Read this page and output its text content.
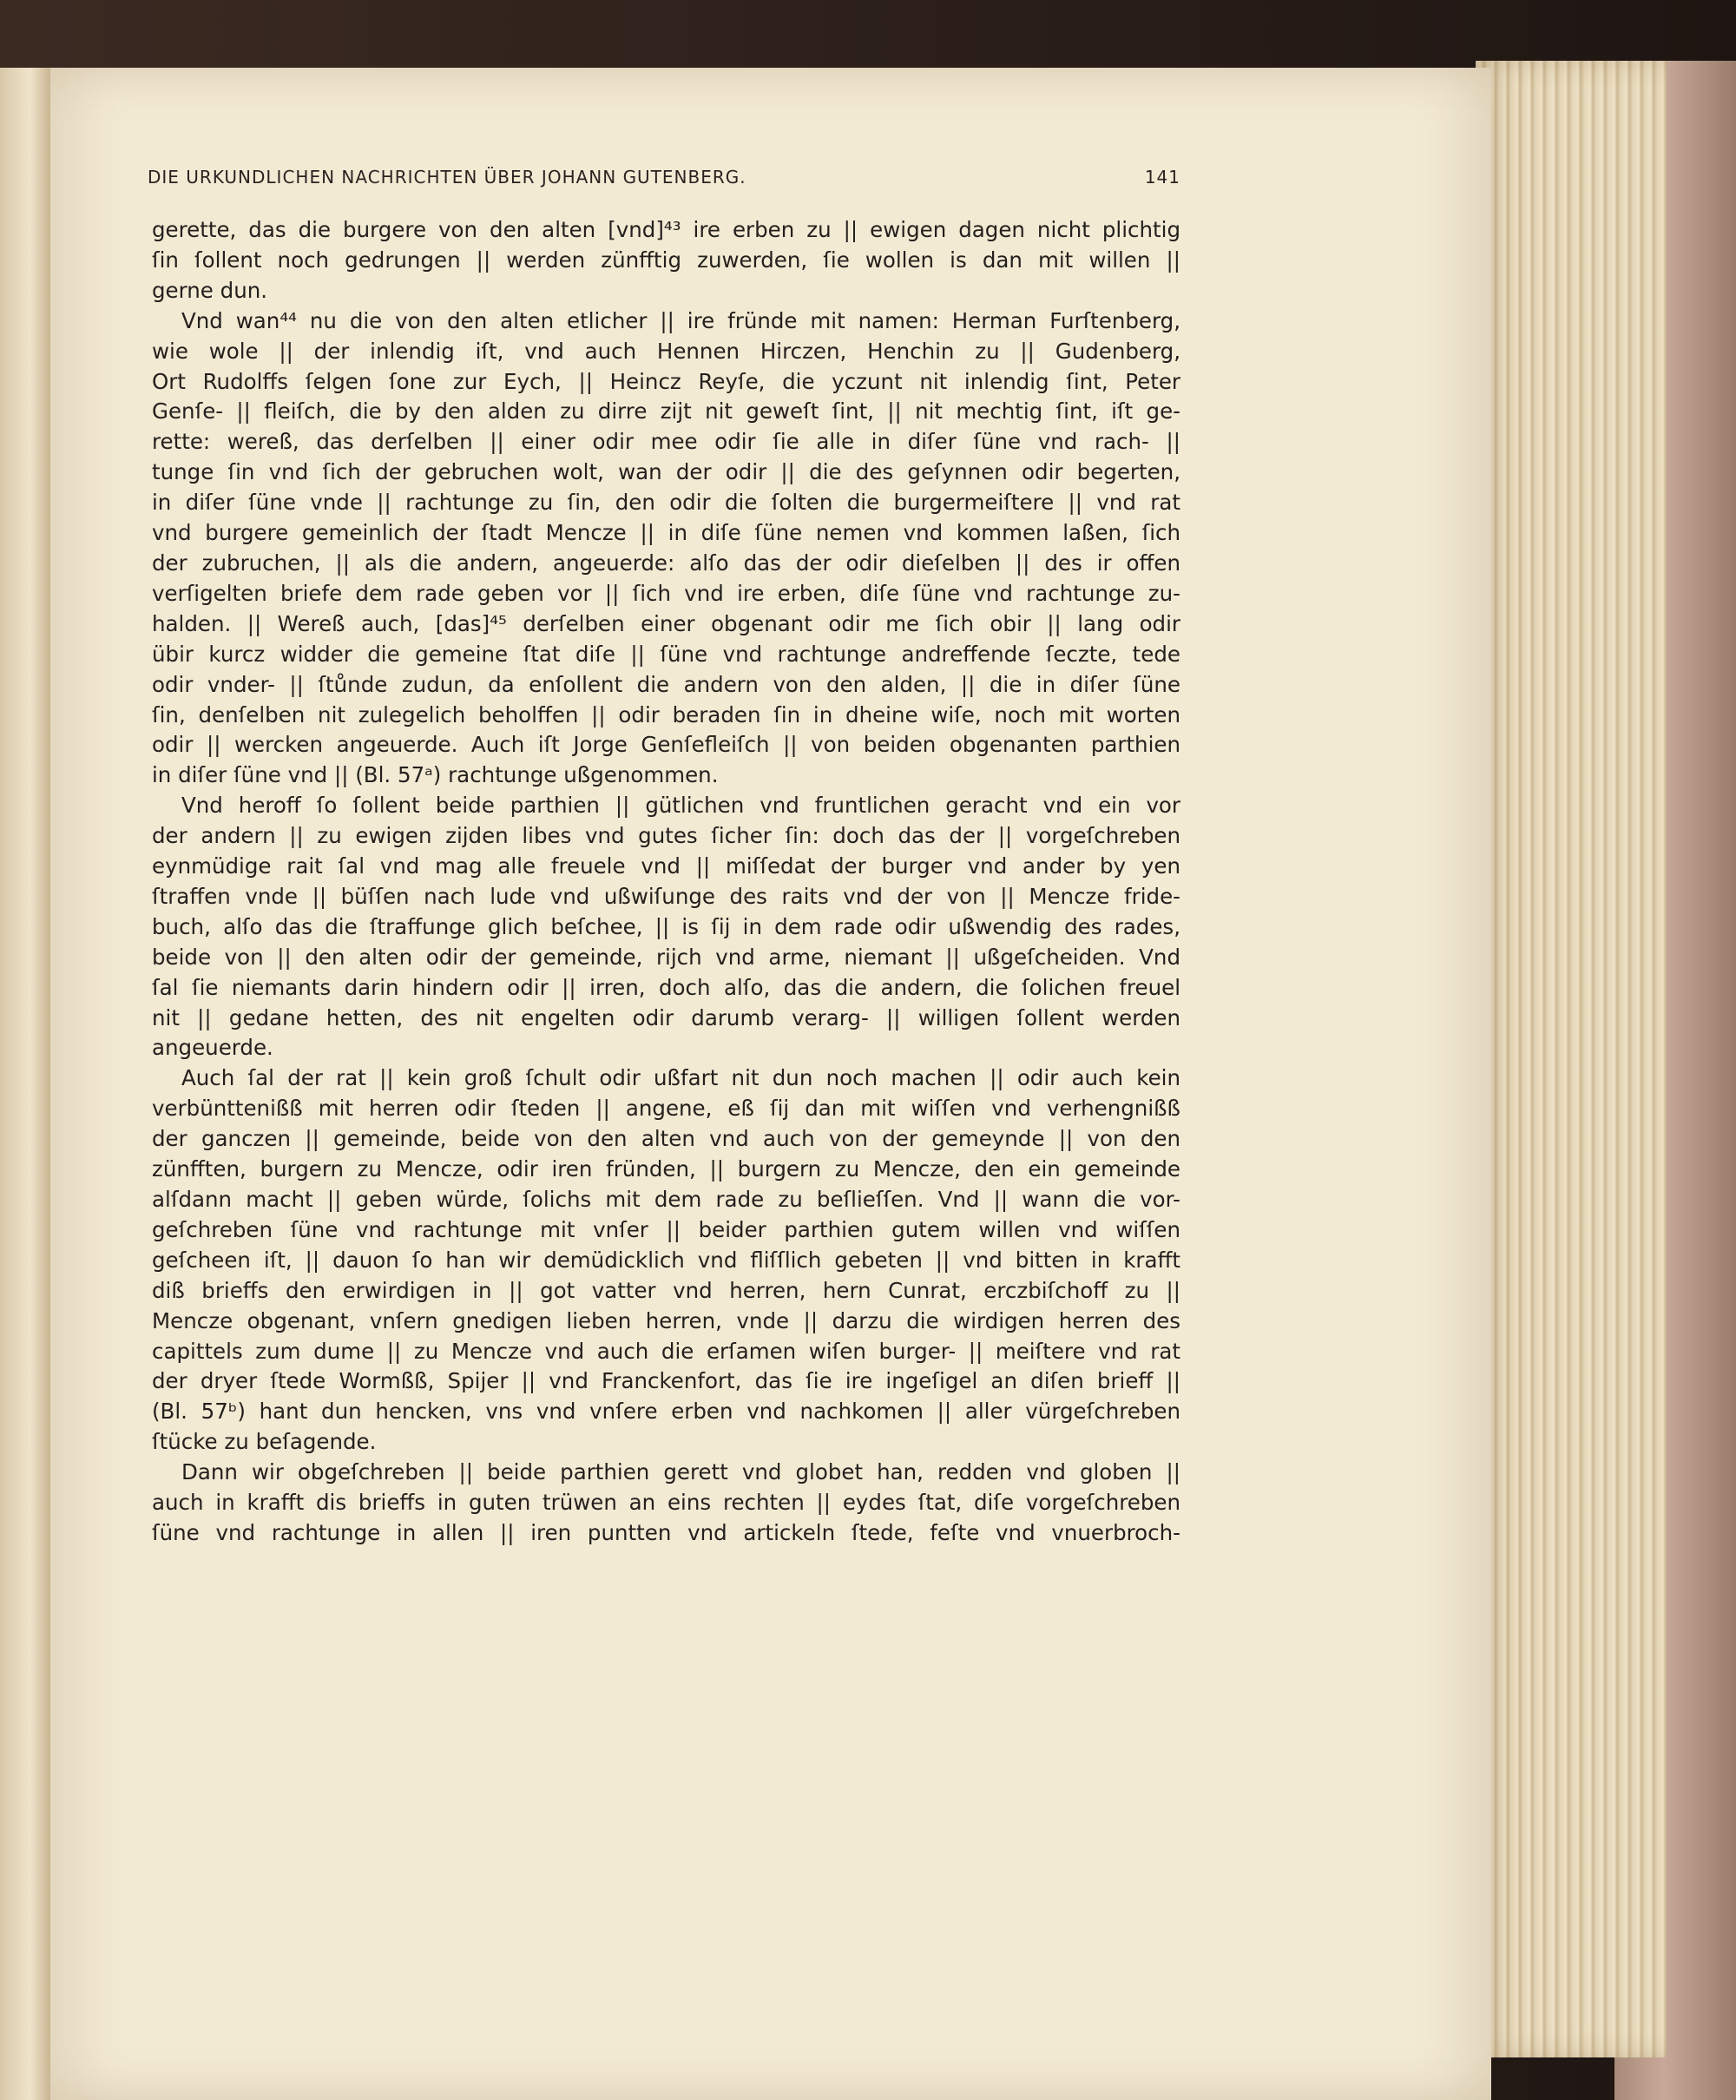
DIE URKUNDLICHEN NACHRICHTEN ÜBER JOHANN GUTENBERG.	141
gerette, das die burgere von den alten [vnd]⁴³ ire erben zu || ewigen dagen nicht plichtig
ſin ſollent noch gedrungen || werden zünfftig zuwerden, ſie wollen is dan mit willen ||
gerne dun.
Vnd wan⁴⁴ nu die von den alten etlicher || ire fründe mit namen: Herman Furſtenberg,
wie wole || der inlendig iſt, vnd auch Hennen Hirczen, Henchin zu || Gudenberg,
Ort Rudolffs ſelgen ſone zur Eych, || Heincz Reyſe, die yczunt nit inlendig ſint, Peter
Genſe- || fleiſch, die by den alden zu dirre zijt nit geweſt ſint, || nit mechtig ſint, iſt ge-
rette: wereß, das derſelben || einer odir mee odir ſie alle in diſer ſüne vnd rach- ||
tunge ſin vnd ſich der gebruchen wolt, wan der odir || die des geſynnen odir begerten,
in diſer ſüne vnde || rachtunge zu ſin, den odir die ſolten die burgermeiſtere || vnd rat
vnd burgere gemeinlich der ſtadt Mencze || in diſe ſüne nemen vnd kommen laßen, ſich
der zubruchen, || als die andern, angeuerde: alſo das der odir dieſelben || des ir offen
verſigelten briefe dem rade geben vor || ſich vnd ire erben, diſe ſüne vnd rachtunge zu-
halden. || Wereß auch, [das]⁴⁵ derſelben einer obgenant odir me ſich obir || lang odir
übir kurcz widder die gemeine ſtat diſe || ſüne vnd rachtunge andreffende ſeczte, tede
odir vnder- || ſtůnde zudun, da enſollent die andern von den alden, || die in diſer ſüne
ſin, denſelben nit zulegelich beholffen || odir beraden ſin in dheine wiſe, noch mit worten
odir || wercken angeuerde. Auch iſt Jorge Genſefleiſch || von beiden obgenanten parthien
in diſer ſüne vnd || (Bl. 57ᵃ) rachtunge ußgenommen.
Vnd heroff ſo ſollent beide parthien || gütlichen vnd fruntlichen geracht vnd ein vor
der andern || zu ewigen zijden libes vnd gutes ſicher ſin: doch das der || vorgeſchreben
eynmüdige rait ſal vnd mag alle freuele vnd || miſſedat der burger vnd ander by yen
ſtraffen vnde || büſſen nach lude vnd ußwiſunge des raits vnd der von || Mencze fride-
buch, alſo das die ſtraffunge glich beſchee, || is ſij in dem rade odir ußwendig des rades,
beide von || den alten odir der gemeinde, rijch vnd arme, niemant || ußgeſcheiden. Vnd
ſal ſie niemants darin hindern odir || irren, doch alſo, das die andern, die ſolichen freuel
nit || gedane hetten, des nit engelten odir darumb verarg- || willigen ſollent werden
angeuerde.
Auch ſal der rat || kein groß ſchult odir ußfart nit dun noch machen || odir auch kein
verbünttenißß mit herren odir ſteden || angene, eß ſij dan mit wiſſen vnd verhengnißß
der ganczen || gemeinde, beide von den alten vnd auch von der gemeynde || von den
zünfften, burgern zu Mencze, odir iren fründen, || burgern zu Mencze, den ein gemeinde
alſdann macht || geben würde, ſolichs mit dem rade zu beſlieſſen. Vnd || wann die vor-
geſchreben ſüne vnd rachtunge mit vnſer || beider parthien gutem willen vnd wiſſen
geſcheen iſt, || dauon ſo han wir demüdicklich vnd fliſſlich gebeten || vnd bitten in krafft
diß brieffs den erwirdigen in || got vatter vnd herren, hern Cunrat, erczbiſchoff zu ||
Mencze obgenant, vnſern gnedigen lieben herren, vnde || darzu die wirdigen herren des
capittels zum dume || zu Mencze vnd auch die erſamen wiſen burger- || meiſtere vnd rat
der dryer ſtede Wormßß, Spijer || vnd Franckenfort, das ſie ire ingeſigel an diſen brieff ||
(Bl. 57ᵇ) hant dun hencken, vns vnd vnſere erben vnd nachkomen || aller vürgeſchreben
ſtücke zu beſagende.
Dann wir obgeſchreben || beide parthien gerett vnd globet han, redden vnd globen ||
auch in krafft dis brieffs in guten trüwen an eins rechten || eydes ſtat, diſe vorgeſchreben
ſüne vnd rachtunge in allen || iren puntten vnd artickeln ſtede, feſte vnd vnuerbroch-
